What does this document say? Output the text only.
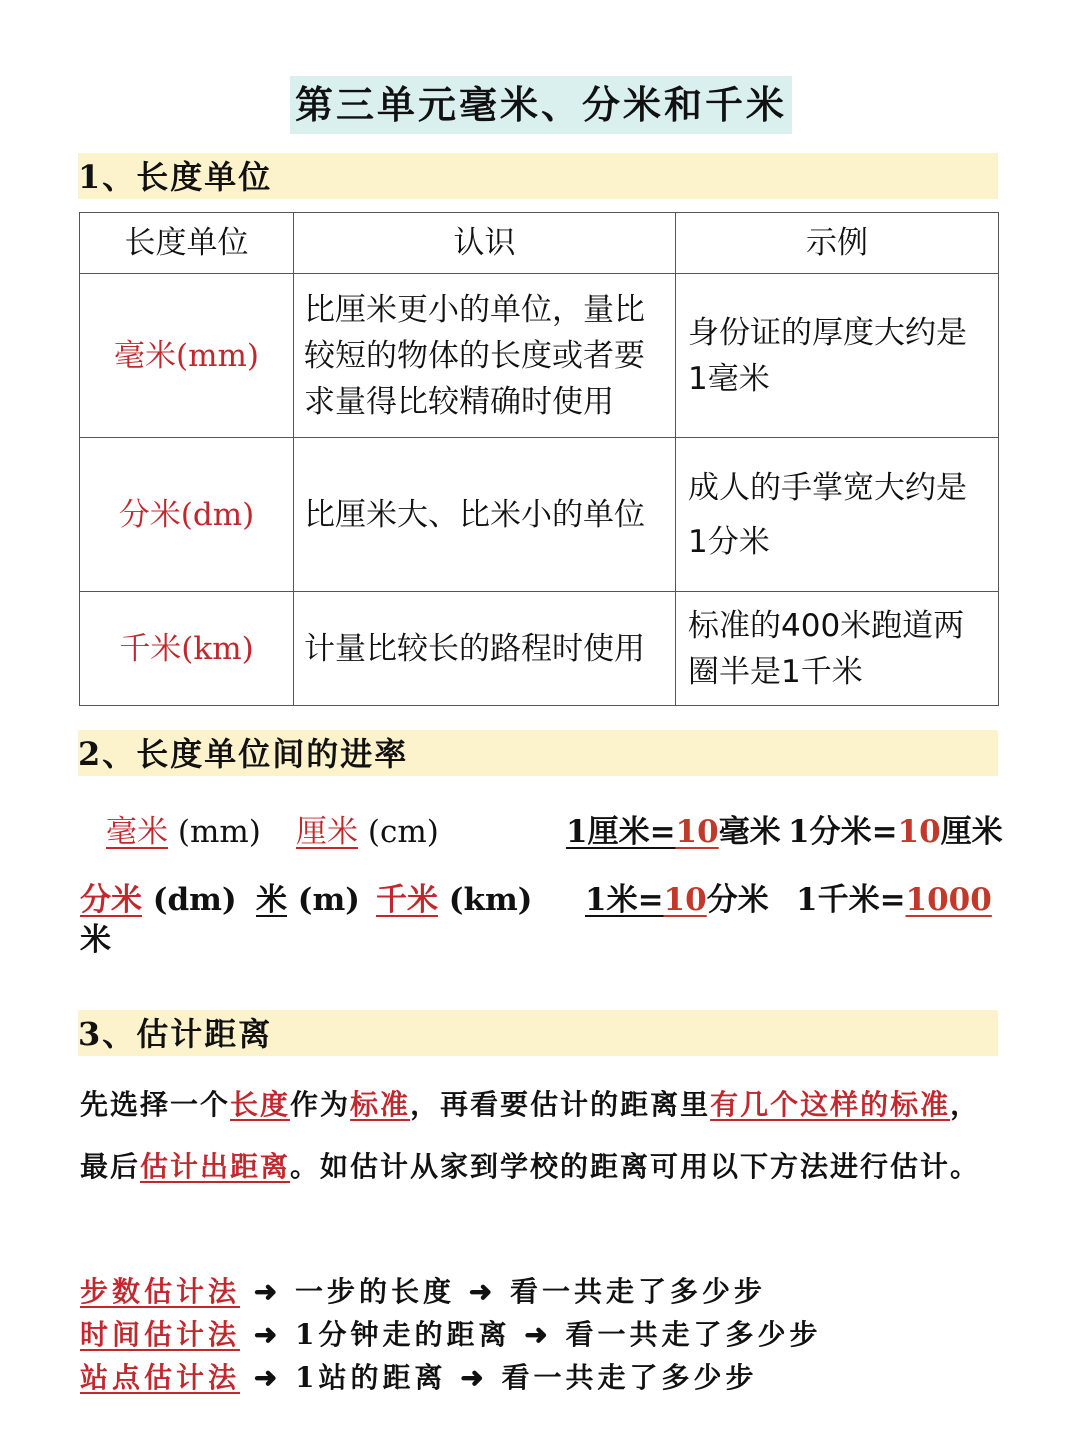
第三单元毫米、分米和千米
1、长度单位
长度单位	认识	示例
毫米(mm)	比厘米更小的单位，量比较短的物体的长度或者要求量得比较精确时使用	身份证的厚度大约是1毫米
分米(dm)	比厘米大、比米小的单位	成人的手掌宽大约是1分米
千米(km)	计量比较长的路程时使用	标准的400米跑道两圈半是1千米
2、长度单位间的进率
毫米 (mm) 厘米 (cm)	1厘米=10毫米 1分米=10厘米
分米 (dm) 米 (m) 千米 (km) 1米=10分米 1千米=1000
米
3、估计距离
先选择一个长度作为标准，再看要估计的距离里有几个这样的标准，最后估计出距离。如估计从家到学校的距离可用以下方法进行估计。
步数估计法 ➜ 一步的长度 ➜ 看一共走了多少步
时间估计法 ➜ 1分钟走的距离 ➜ 看一共走了多少步
站点估计法 ➜ 1站的距离 ➜ 看一共走了多少步
